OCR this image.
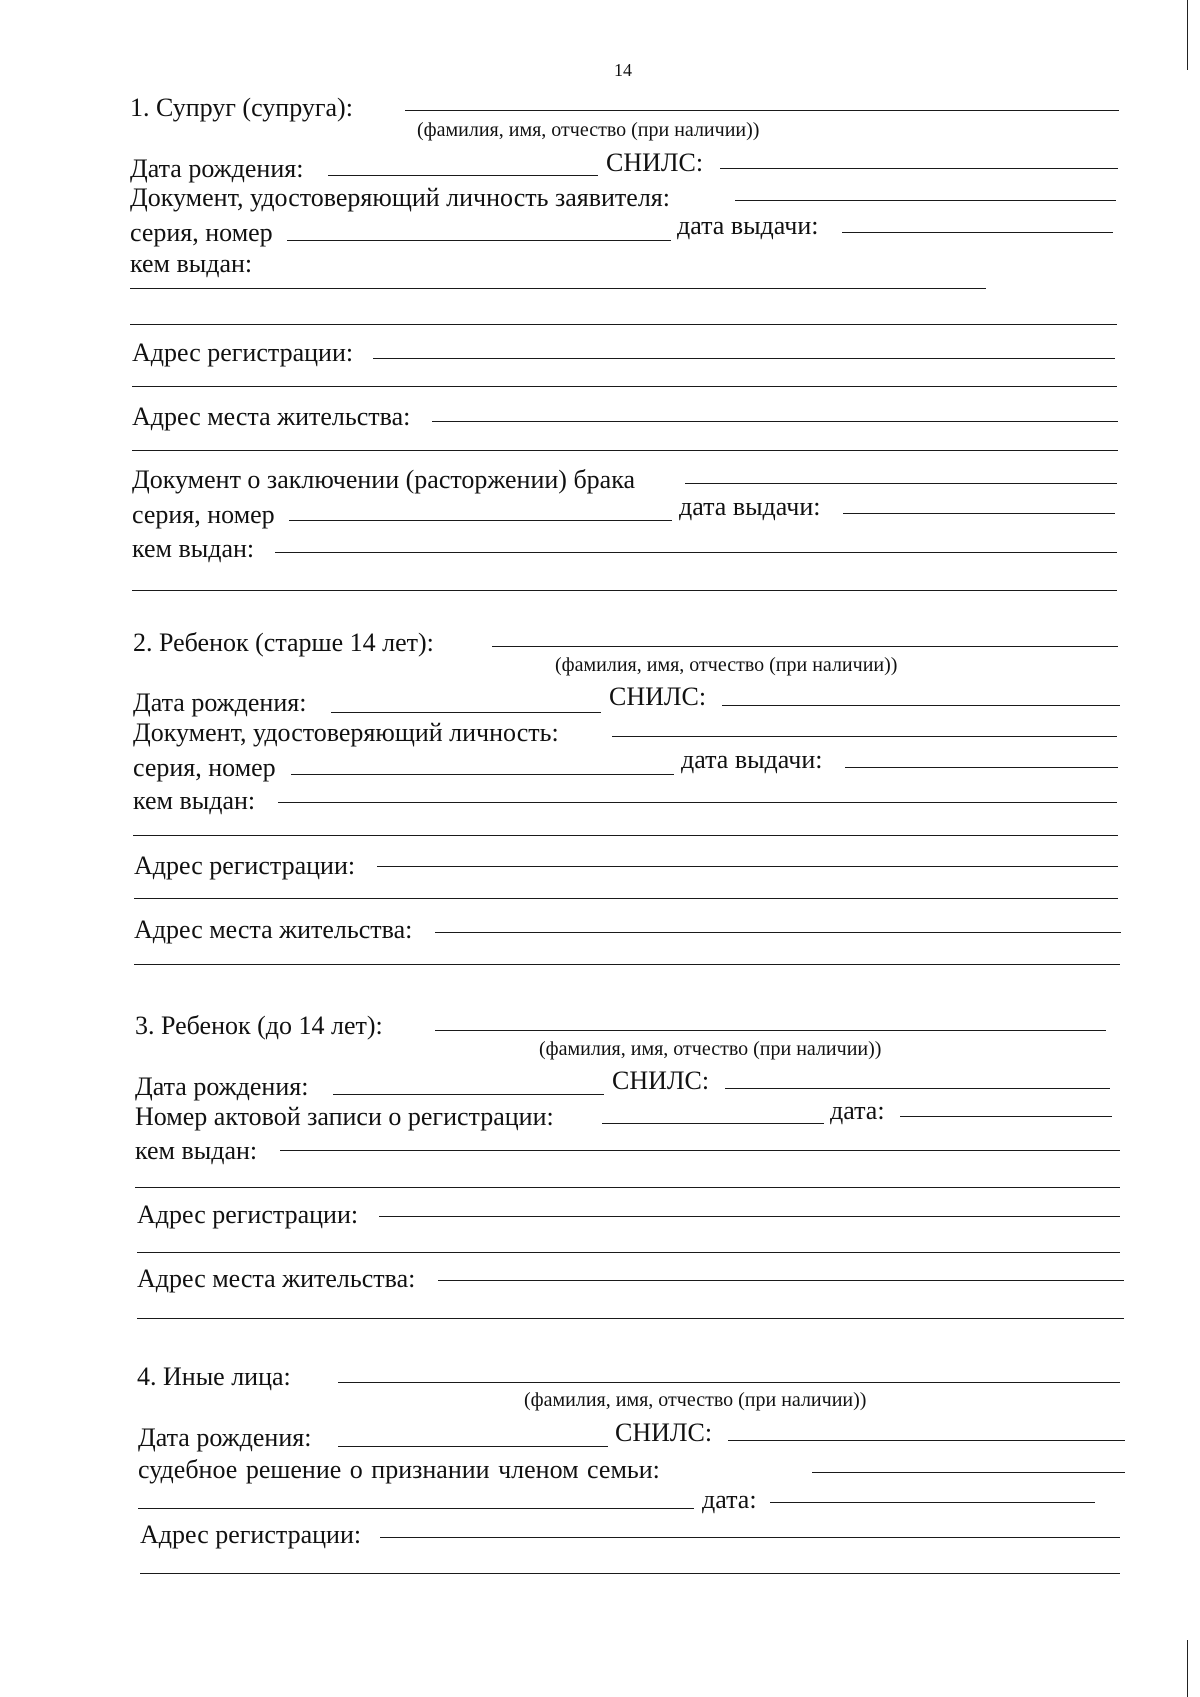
14
1. Супруг (супруга):
(фамилия, имя, отчество (при наличии))
Дата рождения:	СНИЛС:
Документ, удостоверяющий личность заявителя:
серия, номер	дата выдачи:
кем выдан:
Адрес регистрации:
Адрес места жительства:
Документ о заключении (расторжении) брака
серия, номер	дата выдачи:
кем выдан:
2. Ребенок (старше 14 лет):
(фамилия, имя, отчество (при наличии))
Дата рождения:	СНИЛС:
Документ, удостоверяющий личность:
серия, номер	дата выдачи:
кем выдан:
Адрес регистрации:
Адрес места жительства:
3. Ребенок (до 14 лет):
(фамилия, имя, отчество (при наличии))
Дата рождения:	СНИЛС:
Номер актовой записи о регистрации:	дата:
кем выдан:
Адрес регистрации:
Адрес места жительства:
4. Иные лица:
(фамилия, имя, отчество (при наличии))
Дата рождения:	СНИЛС:
судебное решение о признании членом семьи:
дата:
Адрес регистрации:
